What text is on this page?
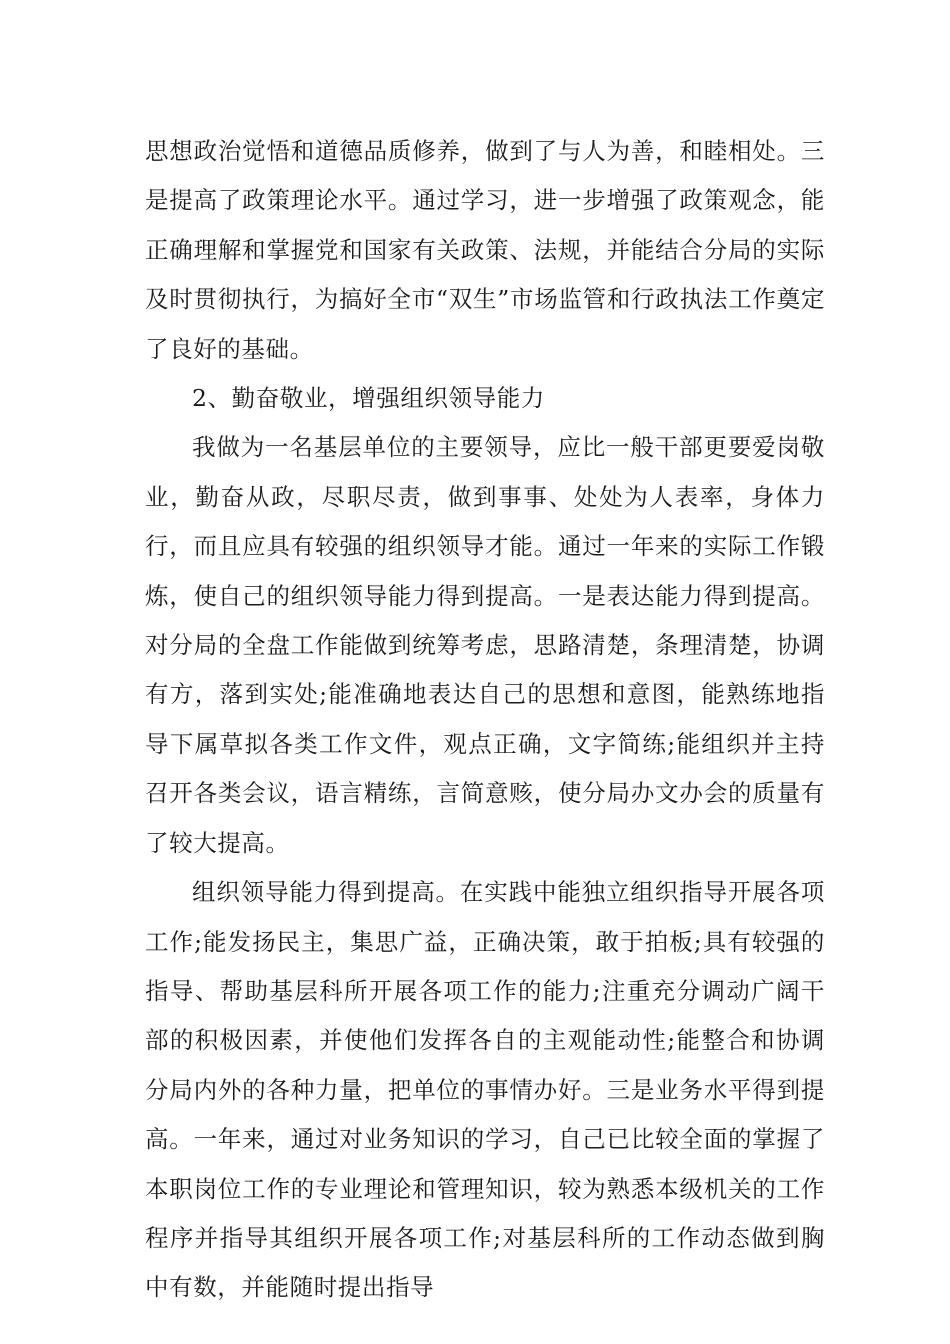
思想政治觉悟和道德品质修养，做到了与人为善，和睦相处。三是提高了政策理论水平。通过学习，进一步增强了政策观念，能正确理解和掌握党和国家有关政策、法规，并能结合分局的实际及时贯彻执行，为搞好全市“双生”市场监管和行政执法工作奠定了良好的基础。

2、勤奋敬业，增强组织领导能力

我做为一名基层单位的主要领导，应比一般干部更要爱岗敬业，勤奋从政，尽职尽责，做到事事、处处为人表率，身体力行，而且应具有较强的组织领导才能。通过一年来的实际工作锻炼，使自己的组织领导能力得到提高。一是表达能力得到提高。对分局的全盘工作能做到统筹考虑，思路清楚，条理清楚，协调有方，落到实处;能准确地表达自己的思想和意图，能熟练地指导下属草拟各类工作文件，观点正确，文字简练;能组织并主持召开各类会议，语言精练，言简意赅，使分局办文办会的质量有了较大提高。

组织领导能力得到提高。在实践中能独立组织指导开展各项工作;能发扬民主，集思广益，正确决策，敢于拍板;具有较强的指导、帮助基层科所开展各项工作的能力;注重充分调动广阔干部的积极因素，并使他们发挥各自的主观能动性;能整合和协调分局内外的各种力量，把单位的事情办好。三是业务水平得到提高。一年来，通过对业务知识的学习，自己已比较全面的掌握了本职岗位工作的专业理论和管理知识，较为熟悉本级机关的工作程序并指导其组织开展各项工作;对基层科所的工作动态做到胸中有数，并能随时提出指导
